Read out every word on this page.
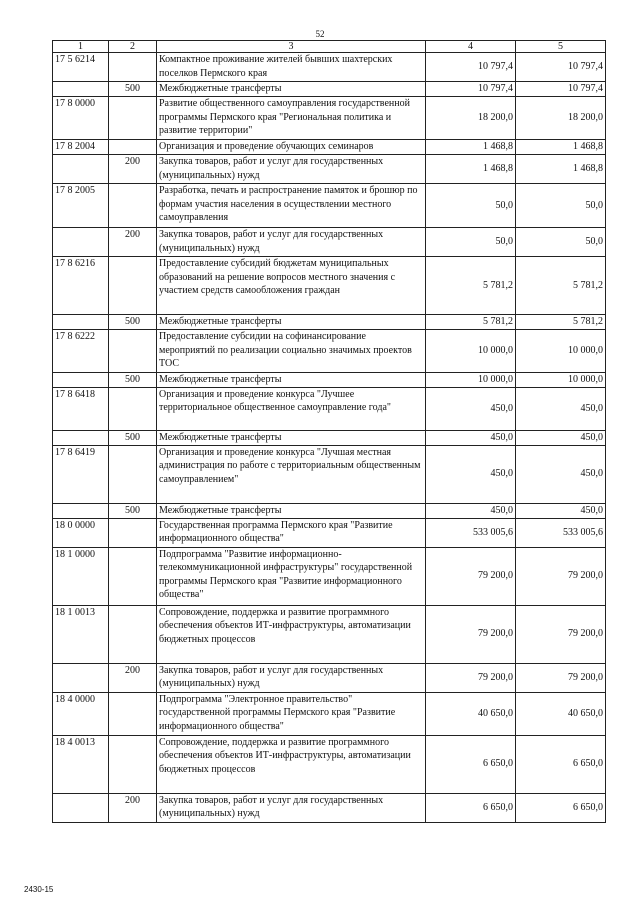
52
1	2	3	4	5
17 5 6214		Компактное проживание жителей бывших шахтерских поселков Пермского края	10 797,4	10 797,4
	500	Межбюджетные трансферты	10 797,4	10 797,4
17 8 0000		Развитие общественного самоуправления государственной программы Пермского края "Региональная политика и развитие территории"	18 200,0	18 200,0
17 8 2004		Организация и проведение обучающих семинаров	1 468,8	1 468,8
	200	Закупка товаров, работ и услуг для государственных (муниципальных) нужд	1 468,8	1 468,8
17 8 2005		Разработка, печать и распространение памяток и брошюр по формам участия населения в осуществлении местного самоуправления	50,0	50,0
	200	Закупка товаров, работ и услуг для государственных (муниципальных) нужд	50,0	50,0
17 8 6216		Предоставление субсидий бюджетам муниципальных образований на решение вопросов местного значения с участием средств самообложения граждан	5 781,2	5 781,2
	500	Межбюджетные трансферты	5 781,2	5 781,2
17 8 6222		Предоставление субсидии на софинансирование мероприятий по реализации социально значимых проектов ТОС	10 000,0	10 000,0
	500	Межбюджетные трансферты	10 000,0	10 000,0
17 8 6418		Организация и проведение конкурса "Лучшее территориальное общественное самоуправление года"	450,0	450,0
	500	Межбюджетные трансферты	450,0	450,0
17 8 6419		Организация и проведение конкурса "Лучшая местная администрация по работе с территориальным общественным самоуправлением"	450,0	450,0
	500	Межбюджетные трансферты	450,0	450,0
18 0 0000		Государственная программа Пермского края "Развитие информационного общества"	533 005,6	533 005,6
18 1 0000		Подпрограмма "Развитие информационно-телекоммуникационной инфраструктуры" государственной программы Пермского края "Развитие информационного общества"	79 200,0	79 200,0
18 1 0013		Сопровождение, поддержка и развитие программного обеспечения объектов ИТ-инфраструктуры, автоматизации бюджетных процессов	79 200,0	79 200,0
	200	Закупка товаров, работ и услуг для государственных (муниципальных) нужд	79 200,0	79 200,0
18 4 0000		Подпрограмма "Электронное правительство" государственной программы Пермского края "Развитие информационного общества"	40 650,0	40 650,0
18 4 0013		Сопровождение, поддержка и развитие программного обеспечения объектов ИТ-инфраструктуры, автоматизации бюджетных процессов	6 650,0	6 650,0
	200	Закупка товаров, работ и услуг для государственных (муниципальных) нужд	6 650,0	6 650,0
2430-15
